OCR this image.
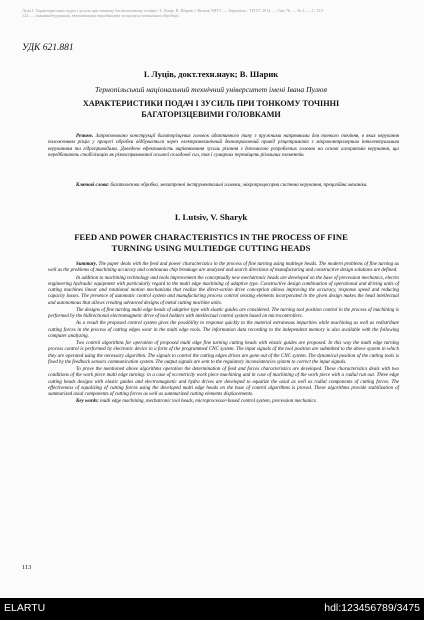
Лупа І. Характеристики подач і зусиль при тонкому багатолезовому точінні / І. Луців, В. Шарик // Вісник ТНТУ — Тернопіль : ТНТУ, 2014. — Том 76. — № 2. — С. 113-122. — (машинобудування, автоматизація виробництва та процеси механічної обробки).
УДК 621.881
І. Луців, докт.техн.наук; В. Шарик
Тернопільський національний технічний університет імені Івана Пулюя
ХАРАКТЕРИСТИКИ ПОДАЧ І ЗУСИЛЬ ПРИ ТОНКОМУ ТОЧІННІ
БАГАТОРІЗЦЕВИМИ ГОЛОВКАМИ

Резюме. Запропоновано конструкції багаторізцевих головок адаптивного типу з пружними напрямними для тонкого точіння, в яких керування положенням різців у процесі обробки відбувається через електромеханічний двонаправлений привід різцетримачів з мікроконтролерним інтелектуальним керуванням та гідроприводами. Доведено ефективність вирівнювання зусиль різання з допомогою розроблених головок на основі алгоритмів керування, що передбачають стабілізацію як різноспрямованої осьової складової сил, так і сумарних переміщень різальних елементів.

Ключові слова: багатолезова обробка, мехатронні інструментальні головки, мікропроцесорна система керування, прецизійна механіка.
I. Lutsiv, V. Sharyk
FEED AND POWER CHARACTERISTICS IN THE PROCESS OF FINE
TURNING USING MULTIEDGE CUTTING HEADS

Summary. The paper deals with the feed and power characteristics in the process of fine turning using multiege heads. The modern problems of fine turning as well as the problems of machining accuracy and continuous chip breakage are analyzed and search directions of manufacturing and constructive design solutions are defined.

In addition to machining technology and tools improvement the conceptually new mechatronic heads are developed on the base of precession mechanics, electro engineering hydraulic equipment with particularly regard to the multi edge machining of adaptive type. Constructive design combination of operational and driving units of cutting machines linear and rotational motion mechanisms that realize the direct-action drive conception allows improving the accuracy, response speed and reducing capacity losses. The presence of automatic control system and manufacturing process control sensing elements incorporated in the given design makes the head intellectual and autonomous that allows creating advanced designs of metal cutting machine units.

The designs of fine turning multi edge heads of adaptive type with elastic guides are considered. The turning tool position control in the process of machining is performed by the bidirectional electromagnetic drive of tool holders with intellectual control system based on microcontrollers.

As a result the proposed control system gives the possibility to response quickly to the material extraneous impurities while machining as well as redistribute cutting forces in the process of cutting edges wear in the multi edge tools. The information data recording to the independent memory is also available with the following computer analyzing.

Two control algorithms for operation of proposed multi edge fine turning cutting heads with elastic guides are proposed. In this way the multi edge turning process control is performed by electronic device in a form of the programmed CNC system. The input signals of the tool position are submitted to the above system in which they are operated using the necessary algorithm. The signals to control the cutting edges drives are gone out of the CNC system. The dynamical position of the cutting tools is fixed by the feedback sensors communication system. The output signals are sent to the regulatory inconsistencies system to correct the input signals.

To prove the mentioned above algorithms operation the determination of feed and forces characteristics are developed. These characteristics deals with two conditions of the work piece multi edge turning: in a case of eccentricity work piece machining and in case of machining of the work piece with a radial run out. Three edge cutting heads designs with elastic guides and electromagnetic and hydro drives are developed to equalize the axial as well as radial components of cutting forces. The effectiveness of equalizing of cutting forces using the developed multi edge heads on the base of control algorithms is proved. These algorithms provide stabilization of summarized axial components of cutting forces as well as summarized cutting elements displacements.

Key words: multi edge machining, mechatronic tool heads, microprocessor-based control system, precession mechanics.

113
ELARTU	hdl:123456789/3475
